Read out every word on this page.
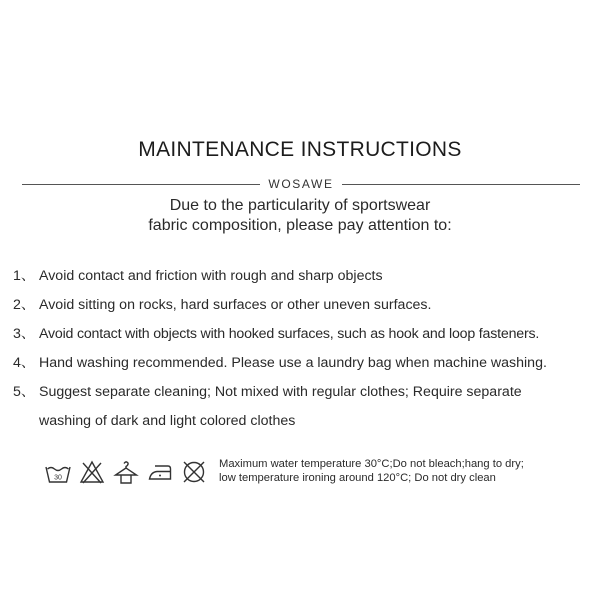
MAINTENANCE INSTRUCTIONS
WOSAWE
Due to the particularity of sportswear
fabric composition, please pay attention to:
1、 Avoid contact and friction with rough and sharp objects
2、 Avoid sitting on rocks, hard surfaces or other uneven surfaces.
3、 Avoid contact with objects with hooked surfaces, such as hook and loop fasteners.
4、 Hand washing recommended. Please use a laundry bag when machine washing.
5、 Suggest separate cleaning; Not mixed with regular clothes; Require separate washing of dark and light colored clothes
30
Maximum water temperature 30°C;Do not bleach;hang to dry;
low temperature ironing around 120°C; Do not dry clean
